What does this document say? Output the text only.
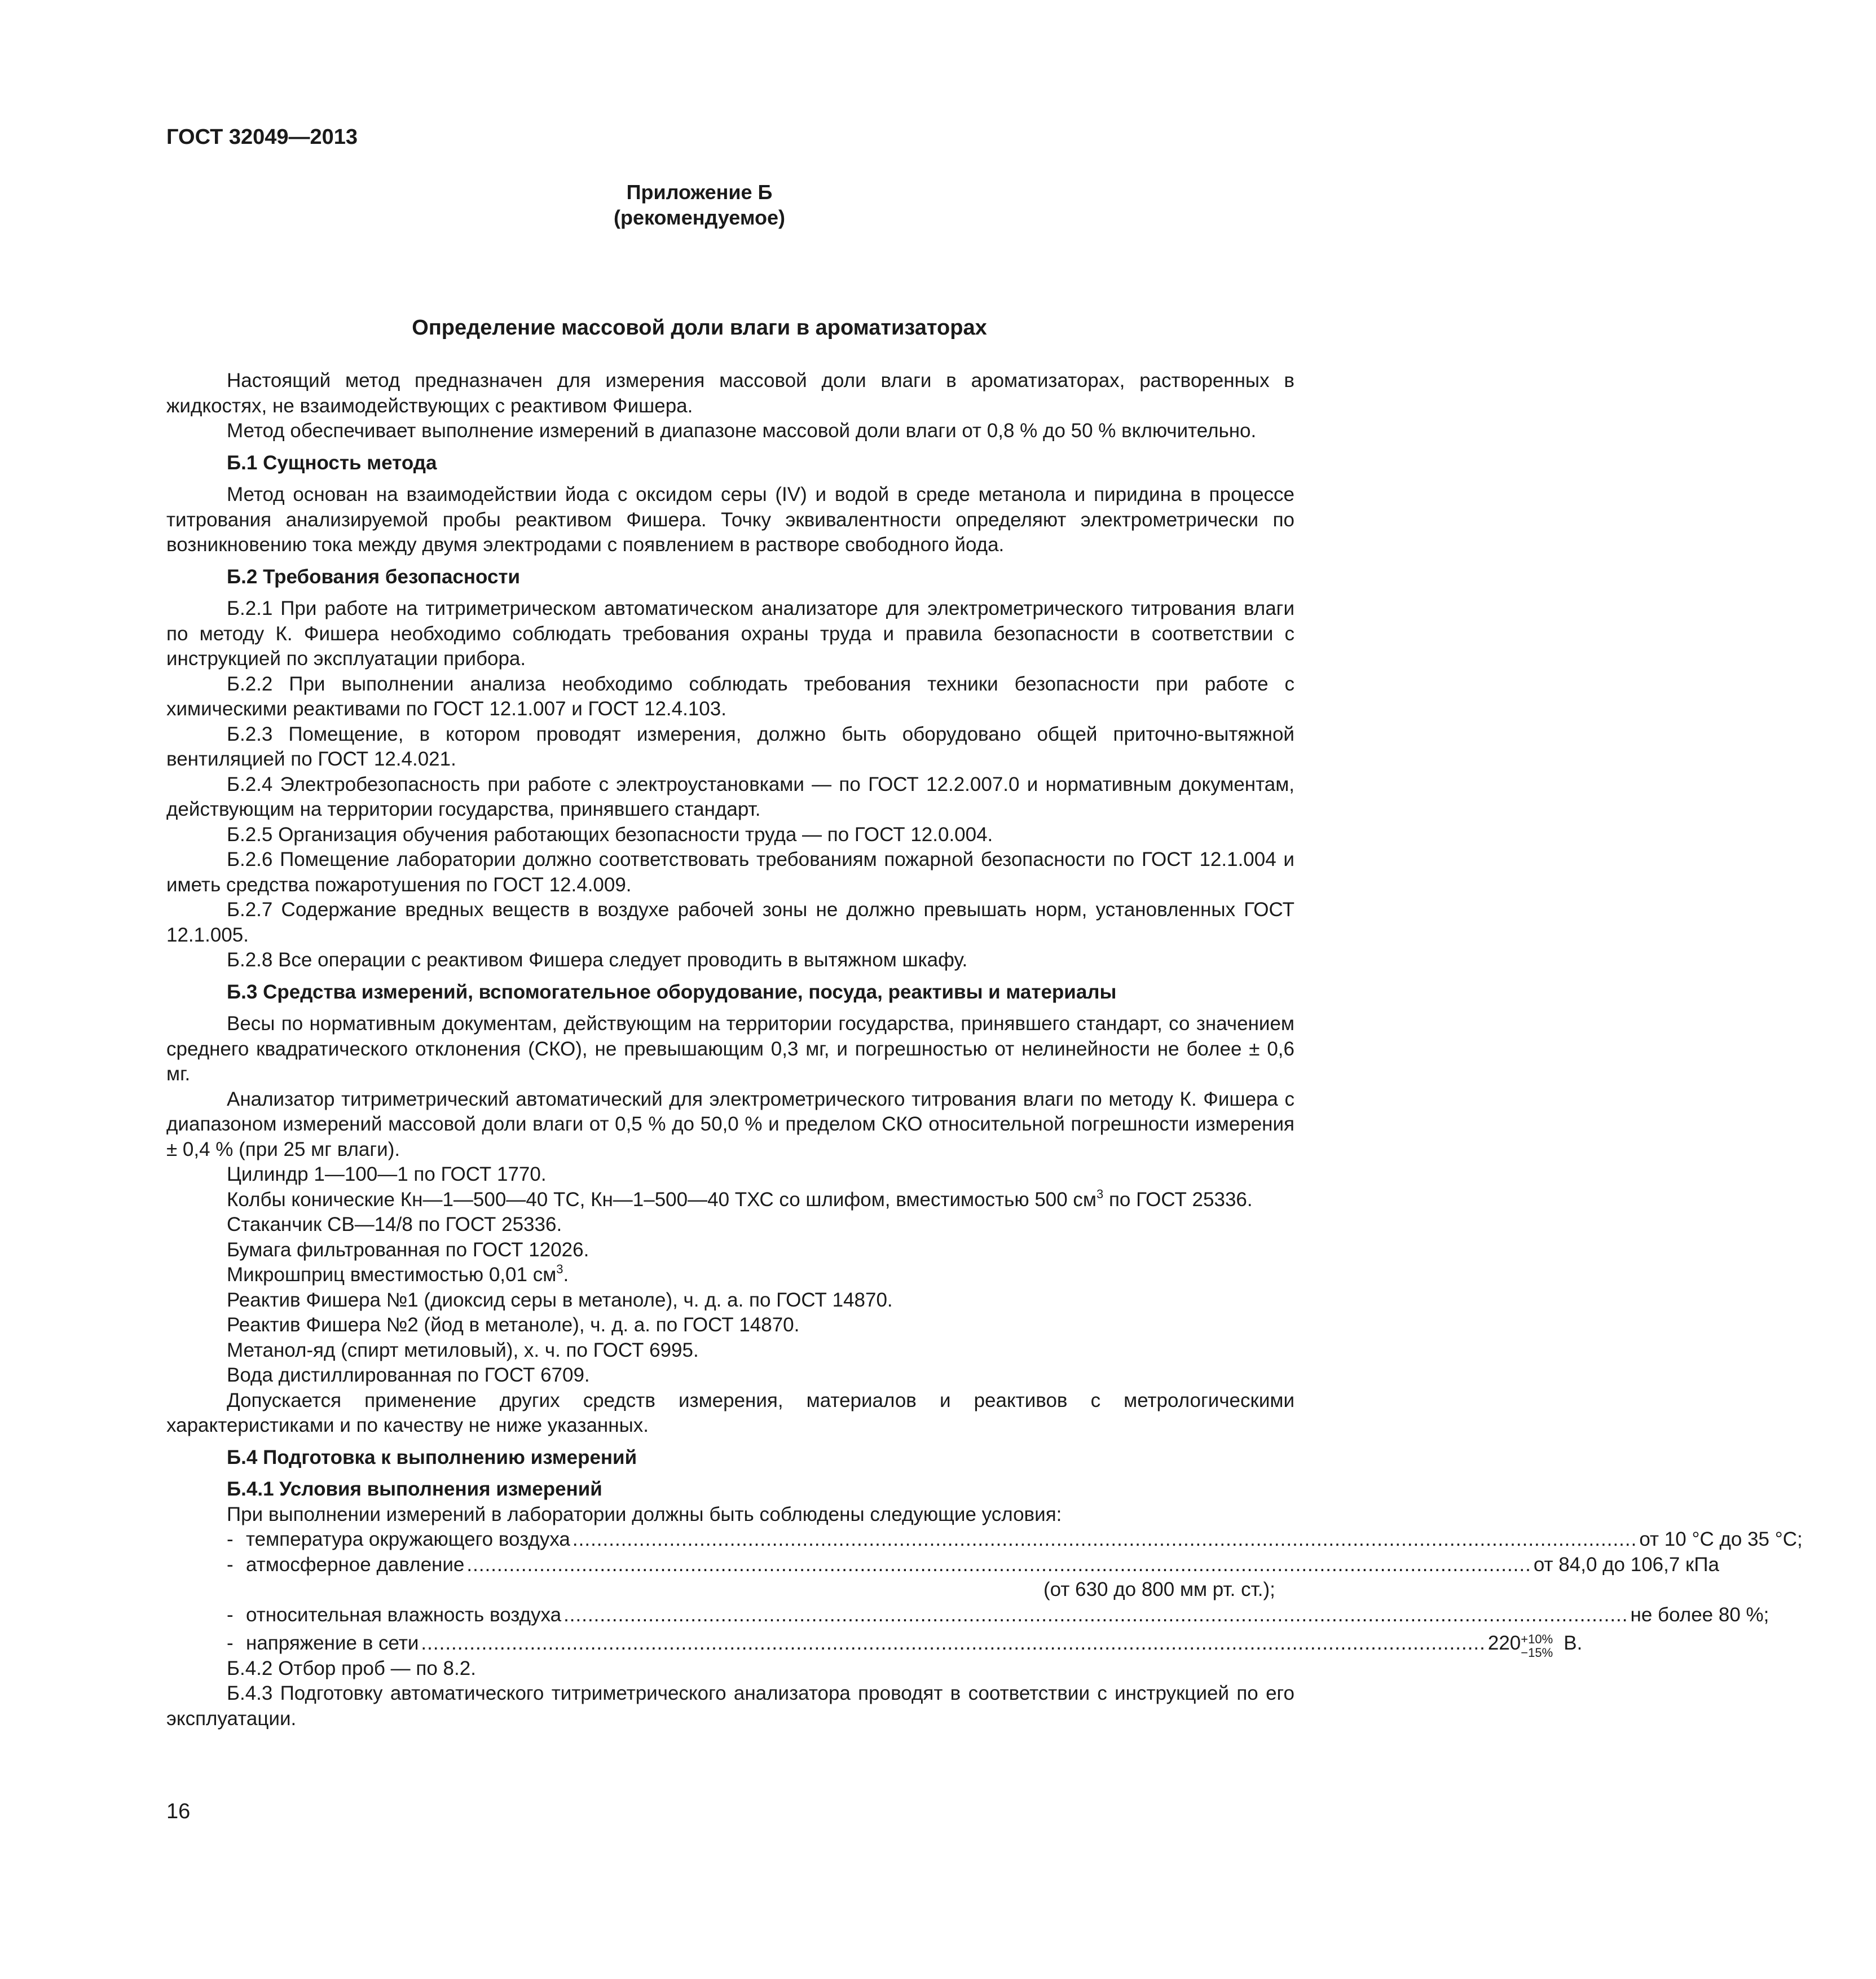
ГОСТ 32049—2013
Приложение Б
(рекомендуемое)
Определение массовой доли влаги в ароматизаторах

Настоящий метод предназначен для измерения массовой доли влаги в ароматизаторах, растворенных в жидкостях, не взаимодействующих с реактивом Фишера.

Метод обеспечивает выполнение измерений в диапазоне массовой доли влаги от 0,8 % до 50 % включительно.

Б.1 Сущность метода

Метод основан на взаимодействии йода с оксидом серы (IV) и водой в среде метанола и пиридина в процессе титрования анализируемой пробы реактивом Фишера. Точку эквивалентности определяют электрометрически по возникновению тока между двумя электродами с появлением в растворе свободного йода.

Б.2 Требования безопасности

Б.2.1 При работе на титриметрическом автоматическом анализаторе для электрометрического титрования влаги по методу К. Фишера необходимо соблюдать требования охраны труда и правила безопасности в соответствии с инструкцией по эксплуатации прибора.

Б.2.2 При выполнении анализа необходимо соблюдать требования техники безопасности при работе с химическими реактивами по ГОСТ 12.1.007 и ГОСТ 12.4.103.

Б.2.3 Помещение, в котором проводят измерения, должно быть оборудовано общей приточно-вытяжной вентиляцией по ГОСТ 12.4.021.

Б.2.4 Электробезопасность при работе с электроустановками — по ГОСТ 12.2.007.0 и нормативным документам, действующим на территории государства, принявшего стандарт.

Б.2.5 Организация обучения работающих безопасности труда — по ГОСТ 12.0.004.

Б.2.6 Помещение лаборатории должно соответствовать требованиям пожарной безопасности по ГОСТ 12.1.004 и иметь средства пожаротушения по ГОСТ 12.4.009.

Б.2.7 Содержание вредных веществ в воздухе рабочей зоны не должно превышать норм, установленных ГОСТ 12.1.005.

Б.2.8 Все операции с реактивом Фишера следует проводить в вытяжном шкафу.

Б.3 Средства измерений, вспомогательное оборудование, посуда, реактивы и материалы

Весы по нормативным документам, действующим на территории государства, принявшего стандарт, со значением среднего квадратического отклонения (СКО), не превышающим 0,3 мг, и погрешностью от нелинейности не более ± 0,6 мг.

Анализатор титриметрический автоматический для электрометрического титрования влаги по методу К. Фишера с диапазоном измерений массовой доли влаги от 0,5 % до 50,0 % и пределом СКО относительной погрешности измерения ± 0,4 % (при 25 мг влаги).

Цилиндр 1—100—1 по ГОСТ 1770.

Колбы конические Кн—1—500—40 ТС, Кн—1–500—40 ТХС со шлифом, вместимостью 500 $см^3$ по ГОСТ 25336.

Стаканчик СВ—14/8 по ГОСТ 25336.

Бумага фильтрованная по ГОСТ 12026.

Микрошприц вместимостью 0,01 $см^3$.

Реактив Фишера №1 (диоксид серы в метаноле), ч. д. а. по ГОСТ 14870.

Реактив Фишера №2 (йод в метаноле), ч. д. а. по ГОСТ 14870.

Метанол-яд (спирт метиловый), х. ч. по ГОСТ 6995.

Вода дистиллированная по ГОСТ 6709.

Допускается применение других средств измерения, материалов и реактивов с метрологическими характеристиками и по качеству не ниже указанных.

Б.4 Подготовка к выполнению измерений

Б.4.1 Условия выполнения измерений

При выполнении измерений в лаборатории должны быть соблюдены следующие условия:

- температура окружающего воздуха ................................................................................................................................................................................ от 10 °С до 35 °С;
- атмосферное давление ................................................................................................................................................................................ от 84,0 до 106,7 кПа
(от 630 до 800 мм рт. ст.);
- относительная влажность воздуха ................................................................................................................................................................................ не более 80 %;
- напряжение в сети ................................................................................................................................................................................ 220 +10%
−15% В.

Б.4.2 Отбор проб — по 8.2.

Б.4.3 Подготовку автоматического титриметрического анализатора проводят в соответствии с инструкцией по его эксплуатации.

16
